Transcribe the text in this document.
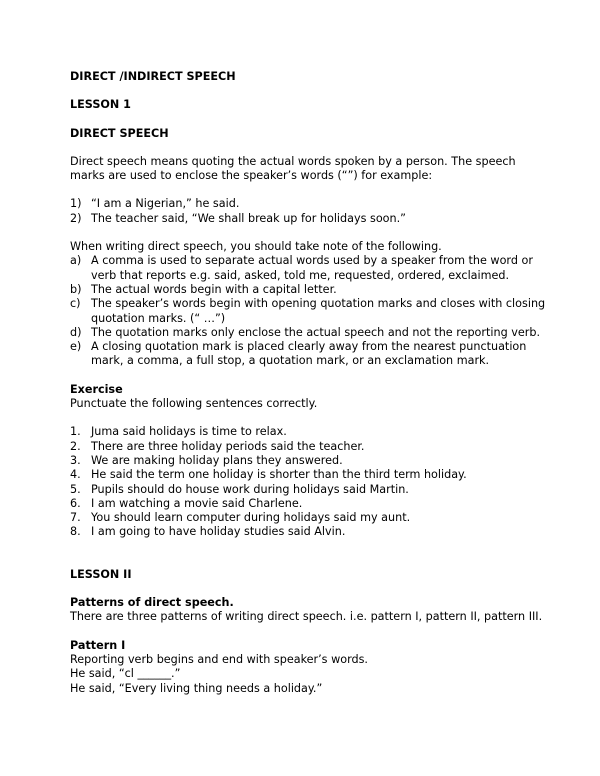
DIRECT /INDIRECT SPEECH

LESSON 1

DIRECT SPEECH

Direct speech means quoting the actual words spoken by a person. The speech marks are used to enclose the speaker’s words (“”) for example:

1) “I am a Nigerian,” he said.
2) The teacher said, “We shall break up for holidays soon.”

When writing direct speech, you should take note of the following.

a) A comma is used to separate actual words used by a speaker from the word or verb that reports e.g. said, asked, told me, requested, ordered, exclaimed.
b) The actual words begin with a capital letter.
c) The speaker’s words begin with opening quotation marks and closes with closing quotation marks. (“ …”)
d) The quotation marks only enclose the actual speech and not the reporting verb.
e) A closing quotation mark is placed clearly away from the nearest punctuation mark, a comma, a full stop, a quotation mark, or an exclamation mark.

Exercise

Punctuate the following sentences correctly.

1. Juma said holidays is time to relax.
2. There are three holiday periods said the teacher.
3. We are making holiday plans they answered.
4. He said the term one holiday is shorter than the third term holiday.
5. Pupils should do house work during holidays said Martin.
6. I am watching a movie said Charlene.
7. You should learn computer during holidays said my aunt.
8. I am going to have holiday studies said Alvin.

LESSON II

Patterns of direct speech.

There are three patterns of writing direct speech. i.e. pattern I, pattern II, pattern III.

Pattern I

Reporting verb begins and end with speaker’s words.

He said, “cl ______.”

He said, “Every living thing needs a holiday.”
